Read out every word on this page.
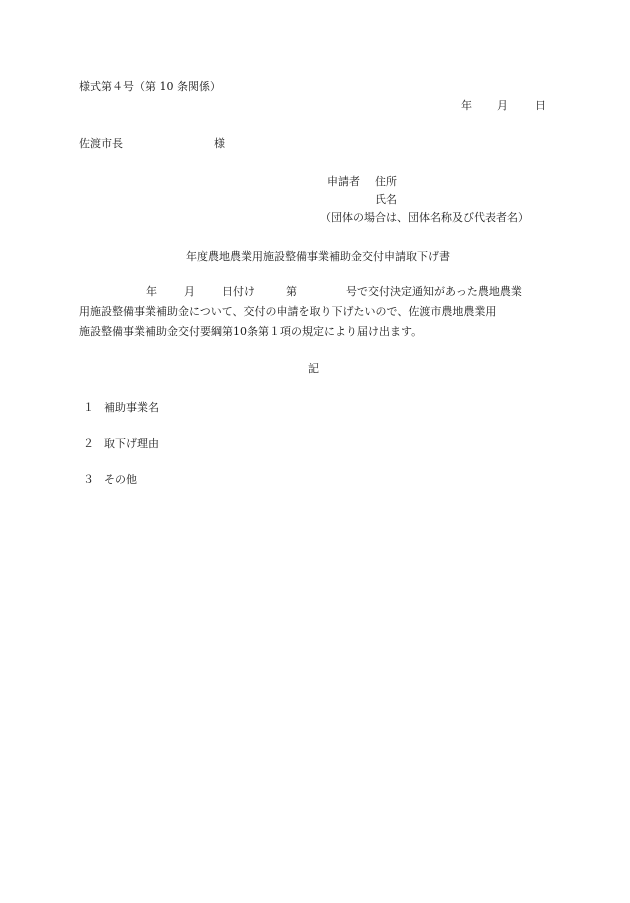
様式第４号（第 10 条関係）
年 月 日
佐渡市長	様
申請者 住所
氏名
（団体の場合は、団体名称及び代表者名）
年度農地農業用施設整備事業補助金交付申請取下げ書
年 月 日付け	第	号で交付決定通知があった農地農業
用施設整備事業補助金について、交付の申請を取り下げたいので、佐渡市農地農業用
施設整備事業補助金交付要綱第10条第１項の規定により届け出ます。
記
１ 補助事業名
２ 取下げ理由
３ その他
